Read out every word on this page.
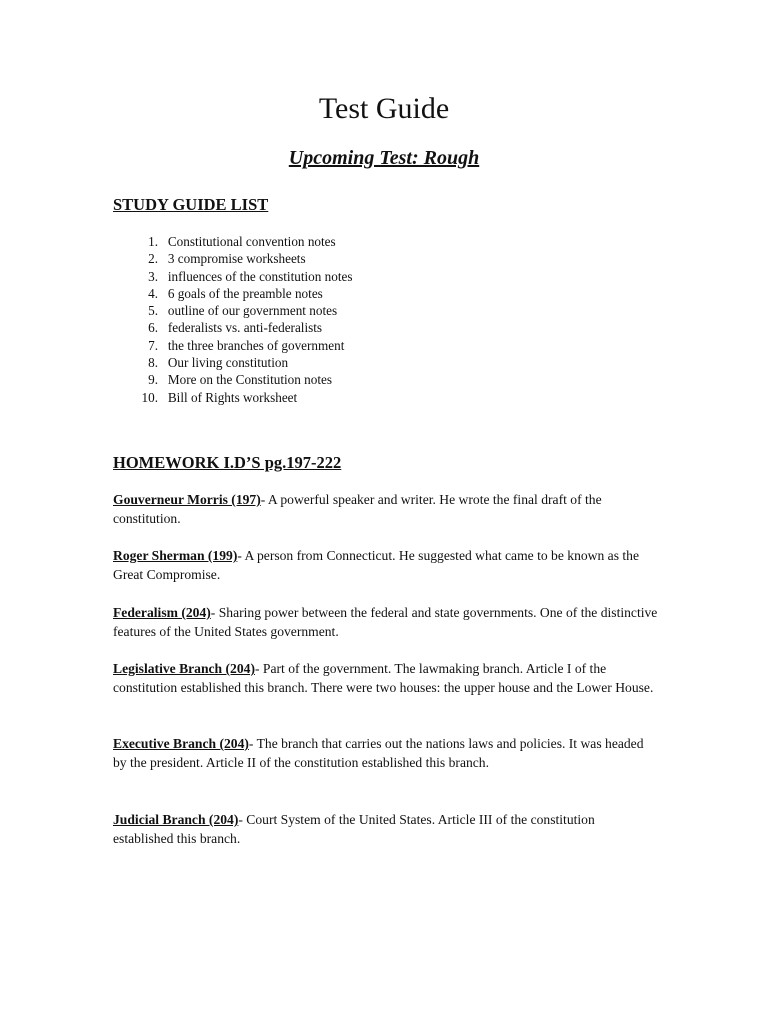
Test Guide
Upcoming Test: Rough
STUDY GUIDE LIST
1.
Constitutional convention notes
2.
3 compromise worksheets
3.
influences of the constitution notes
4.
6 goals of the preamble notes
5.
outline of our government notes
6.
federalists vs. anti-federalists
7.
the three branches of government
8.
Our living constitution
9.
More on the Constitution notes
10.
Bill of Rights worksheet
HOMEWORK I.D’S pg.197-222
Gouverneur Morris (197)- A powerful speaker and writer. He wrote the final draft of the constitution.
Roger Sherman (199)- A person from Connecticut. He suggested what came to be known as the Great Compromise.
Federalism (204)- Sharing power between the federal and state governments. One of the distinctive features of the United States government.
Legislative Branch (204)- Part of the government. The lawmaking branch. Article I of the constitution established this branch. There were two houses: the upper house and the Lower House.
Executive Branch (204)- The branch that carries out the nations laws and policies. It was headed by the president. Article II of the constitution established this branch.
Judicial Branch (204)- Court System of the United States. Article III of the constitution established this branch.
